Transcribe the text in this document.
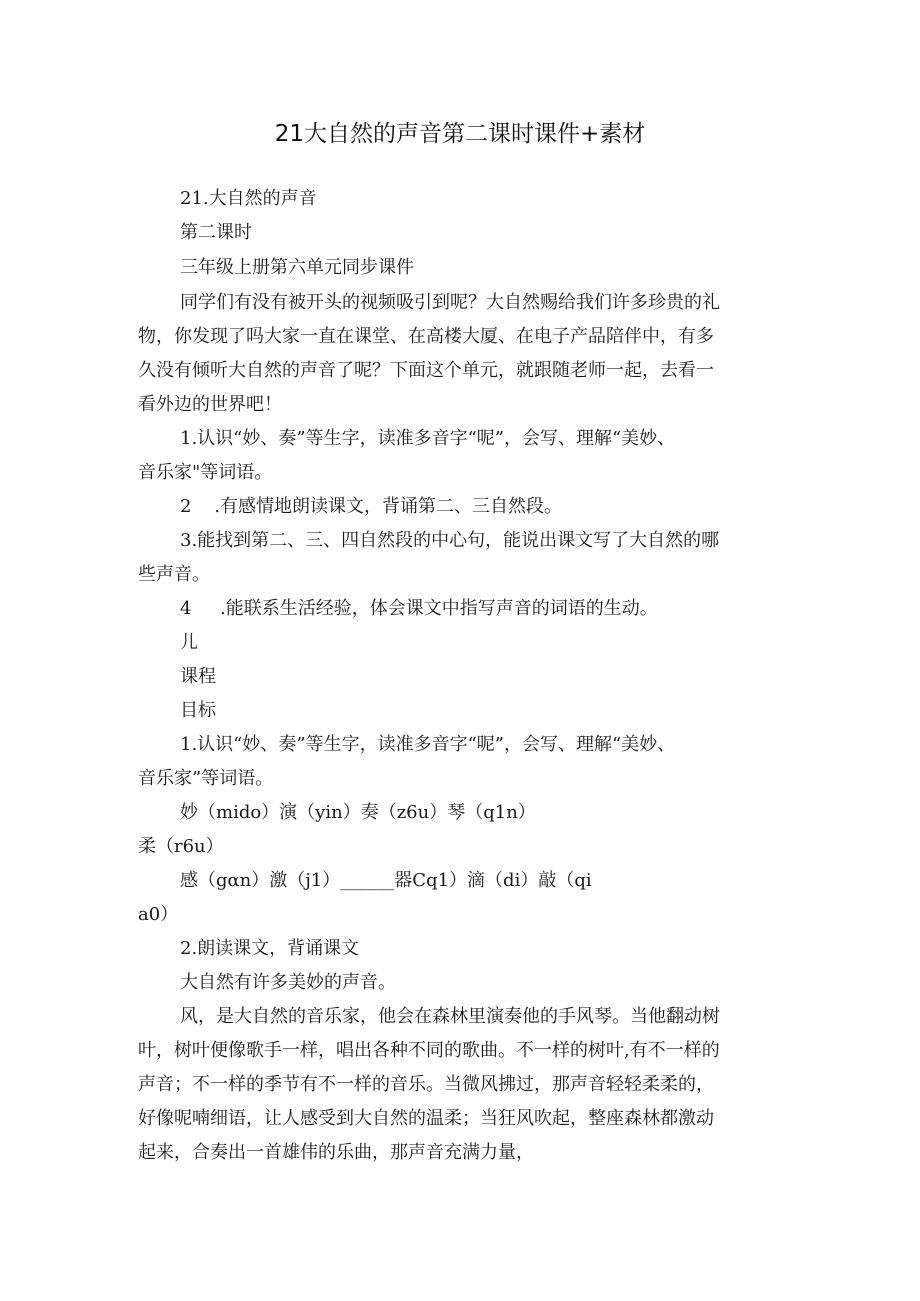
21大自然的声音第二课时课件+素材
21.大自然的声音
第二课时
三年级上册第六单元同步课件
同学们有没有被开头的视频吸引到呢？大自然赐给我们许多珍贵的礼
物，你发现了吗大家一直在课堂、在高楼大厦、在电子产品陪伴中，有多
久没有倾听大自然的声音了呢？下面这个单元，就跟随老师一起，去看一
看外边的世界吧！
1.认识“妙、奏”等生字，读准多音字“呢”，会写、理解“美妙、
音乐家"等词语。
2    .有感情地朗读课文，背诵第二、三自然段。
3.能找到第二、三、四自然段的中心句，能说出课文写了大自然的哪
些声音。
4     .能联系生活经验，体会课文中指写声音的词语的生动。
儿
课程
目标
1.认识“妙、奏”等生字，读准多音字“呢”，会写、理解“美妙、
音乐家”等词语。
妙（mido）演（yin）奏（z6u）琴（q1n）
柔（r6u）
感（gαn）激（j1）______器Cq1）滴（di）敲（qi
a0）
2.朗读课文，背诵课文
大自然有许多美妙的声音。
风，是大自然的音乐家，他会在森林里演奏他的手风琴。当他翻动树
叶，树叶便像歌手一样，唱出各种不同的歌曲。不一样的树叶,有不一样的
声音；不一样的季节有不一样的音乐。当微风拂过，那声音轻轻柔柔的，
好像呢喃细语，让人感受到大自然的温柔；当狂风吹起，整座森林都激动
起来，合奏出一首雄伟的乐曲，那声音充满力量，
